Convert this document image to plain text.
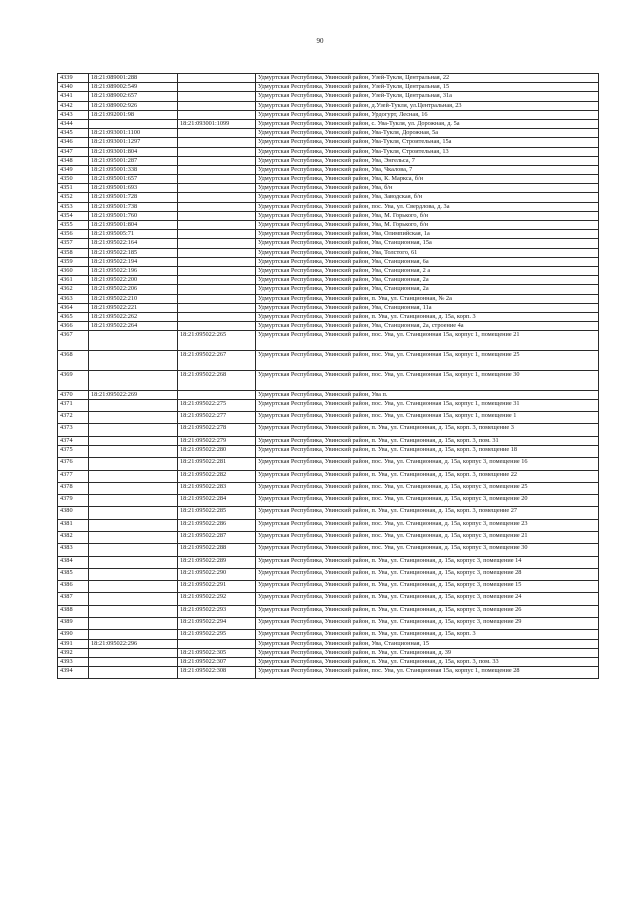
90
4339	18:21:089001:288		Удмуртская Республика, Увинский район, Узей-Тукля, Центральная, 22
4340	18:21:089002:549		Удмуртская Республика, Увинский район, Узей-Тукля, Центральная, 15
4341	18:21:089002:657		Удмуртская Республика, Увинский район, Узей-Тукля, Центральная, 31а
4342	18:21:089002:926		Удмуртская Республика, Увинский район, д.Узей-Тукля, ул.Центральная, 23
4343	18:21:092001:98		Удмуртская Республика, Увинский район, Урдогурт, Лесная, 16
4344		18:21:093001:1099	Удмуртская Республика, Увинский район, с. Ува-Тукля, ул. Дорожная, д. 5а
4345	18:21:093001:1100		Удмуртская Республика, Увинский район, Ува-Тукля, Дорожная, 5а
4346	18:21:093001:1297		Удмуртская Республика, Увинский район, Ува-Тукля, Строительная, 15а
4347	18:21:093001:804		Удмуртская Республика, Увинский район, Ува-Тукля, Строительная, 13
4348	18:21:095001:287		Удмуртская Республика, Увинский район, Ува, Энгельса, 7
4349	18:21:095001:338		Удмуртская Республика, Увинский район, Ува, Чкалова, 7
4350	18:21:095001:657		Удмуртская Республика, Увинский район, Ува, К. Маркса, б/н
4351	18:21:095001:693		Удмуртская Республика, Увинский район, Ува, б/н
4352	18:21:095001:728		Удмуртская Республика, Увинский район, Ува, Заводская, б/н
4353	18:21:095001:738		Удмуртская Республика, Увинский район, пос. Ува, ул. Свердлова, д. 3а
4354	18:21:095001:760		Удмуртская Республика, Увинский район, Ува, М. Горького, б/н
4355	18:21:095001:804		Удмуртская Республика, Увинский район, Ува, М. Горького, б/н
4356	18:21:095005:71		Удмуртская Республика, Увинский район, Ува, Олимпийская, 1а
4357	18:21:095022:164		Удмуртская Республика, Увинский район, Ува, Станционная, 15а
4358	18:21:095022:185		Удмуртская Республика, Увинский район, Ува, Толстого, 61
4359	18:21:095022:194		Удмуртская Республика, Увинский район, Ува, Станционная, 6а
4360	18:21:095022:196		Удмуртская Республика, Увинский район, Ува, Станционная, 2 а
4361	18:21:095022:200		Удмуртская Республика, Увинский район, Ува, Станционная, 2а
4362	18:21:095022:206		Удмуртская Республика, Увинский район, Ува, Станционная, 2а
4363	18:21:095022:210		Удмуртская Республика, Увинский район, п. Ува, ул. Станционная, № 2а
4364	18:21:095022:221		Удмуртская Республика, Увинский район, Ува, Станционная, 11а
4365	18:21:095022:262		Удмуртская Республика, Увинский район, п. Ува, ул. Станционная, д. 15а, корп. 3
4366	18:21:095022:264		Удмуртская Республика, Увинский район, Ува, Станционная, 2а, строение 4а
4367		18:21:095022:265	Удмуртская Республика, Увинский район, пос. Ува, ул. Станционная 15а, корпус 1, помещение 21
4368		18:21:095022:267	Удмуртская Республика, Увинский район, пос. Ува, ул. Станционная 15а, корпус 1, помещение 25
4369		18:21:095022:268	Удмуртская Республика, Увинский район, пос. Ува, ул. Станционная 15а, корпус 1, помещение 30
4370	18:21:095022:269		Удмуртская Республика, Увинский район, Ува п.
4371		18:21:095022:275	Удмуртская Республика, Увинский район, пос. Ува, ул. Станционная 15а, корпус 1, помещение 31
4372		18:21:095022:277	Удмуртская Республика, Увинский район, пос. Ува, ул. Станционная 15а, корпус 1, помещение 1
4373		18:21:095022:278	Удмуртская Республика, Увинский район, п. Ува, ул. Станционная, д. 15а, корп. 3, помещение 3
4374		18:21:095022:279	Удмуртская Республика, Увинский район, п. Ува, ул. Станционная, д. 15а, корп. 3, пом. 31
4375		18:21:095022:280	Удмуртская Республика, Увинский район, п. Ува, ул. Станционная, д. 15а, корп. 3, помещение 18
4376		18:21:095022:281	Удмуртская Республика, Увинский район, пос. Ува, ул. Станционная, д. 15а, корпус 3, помещение 16
4377		18:21:095022:282	Удмуртская Республика, Увинский район, п. Ува, ул. Станционная, д. 15а, корп. 3, помещение 22
4378		18:21:095022:283	Удмуртская Республика, Увинский район, пос. Ува, ул. Станционная, д. 15а, корпус 3, помещение 25
4379		18:21:095022:284	Удмуртская Республика, Увинский район, пос. Ува, ул. Станционная, д. 15а, корпус 3, помещение 20
4380		18:21:095022:285	Удмуртская Республика, Увинский район, п. Ува, ул. Станционная, д. 15а, корп. 3, помещение 27
4381		18:21:095022:286	Удмуртская Республика, Увинский район, пос. Ува, ул. Станционная, д. 15а, корпус 3, помещение 23
4382		18:21:095022:287	Удмуртская Республика, Увинский район, пос. Ува, ул. Станционная, д. 15а, корпус 3, помещение 21
4383		18:21:095022:288	Удмуртская Республика, Увинский район, пос. Ува, ул. Станционная, д. 15а, корпус 3, помещение 30
4384		18:21:095022:289	Удмуртская Республика, Увинский район, п. Ува, ул. Станционная, д. 15а, корпус 3, помещение 14
4385		18:21:095022:290	Удмуртская Республика, Увинский район, п. Ува, ул. Станционная, д. 15а, корпус 3, помещение 28
4386		18:21:095022:291	Удмуртская Республика, Увинский район, п. Ува, ул. Станционная, д. 15а, корпус 3, помещение 15
4387		18:21:095022:292	Удмуртская Республика, Увинский район, п. Ува, ул. Станционная, д. 15а, корпус 3, помещение 24
4388		18:21:095022:293	Удмуртская Республика, Увинский район, п. Ува, ул. Станционная, д. 15а, корпус 3, помещение 26
4389		18:21:095022:294	Удмуртская Республика, Увинский район, п. Ува, ул. Станционная, д. 15а, корпус 3, помещение 29
4390		18:21:095022:295	Удмуртская Республика, Увинский район, п. Ува, ул. Станционная, д. 15а, корп. 3
4391	18:21:095022:296		Удмуртская Республика, Увинский район, Ува, Станционная, 15
4392		18:21:095022:305	Удмуртская Республика, Увинский район, п. Ува, ул. Станционная, д. 39
4393		18:21:095022:307	Удмуртская Республика, Увинский район, п. Ува, ул. Станционная, д. 15а, корп. 3, пом. 33
4394		18:21:095022:308	Удмуртская Республика, Увинский район, пос. Ува, ул. Станционная 15а, корпус 1, помещение 28
